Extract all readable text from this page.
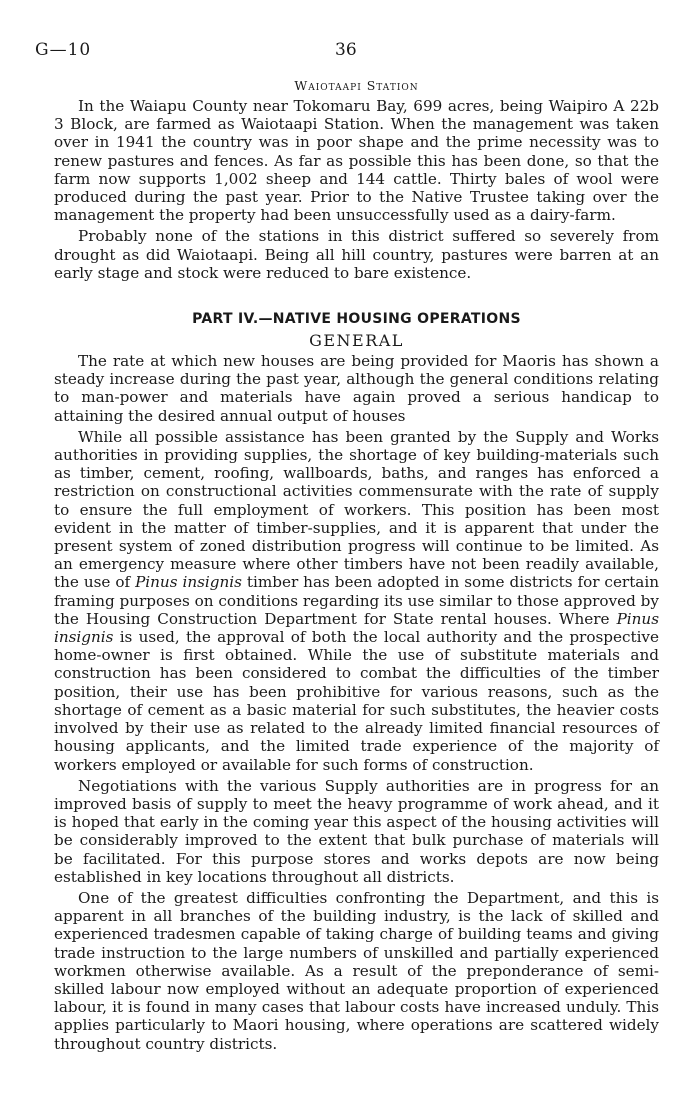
G—10	36
Waiotaapi Station

In the Waiapu County near Tokomaru Bay, 699 acres, being Waipiro A 22b 3 Block, are farmed as Waiotaapi Station. When the management was taken over in 1941 the country was in poor shape and the prime necessity was to renew pastures and fences. As far as possible this has been done, so that the farm now supports 1,002 sheep and 144 cattle. Thirty bales of wool were produced during the past year. Prior to the Native Trustee taking over the management the property had been unsuccessfully used as a dairy-farm.

Probably none of the stations in this district suffered so severely from drought as did Waiotaapi. Being all hill country, pastures were barren at an early stage and stock were reduced to bare existence.

PART IV.—NATIVE HOUSING OPERATIONS
GENERAL

The rate at which new houses are being provided for Maoris has shown a steady increase during the past year, although the general conditions relating to man-power and materials have again proved a serious handicap to attaining the desired annual output of houses

While all possible assistance has been granted by the Supply and Works authorities in providing supplies, the shortage of key building-materials such as timber, cement, roofing, wallboards, baths, and ranges has enforced a restriction on constructional activities commensurate with the rate of supply to ensure the full employment of workers. This position has been most evident in the matter of timber-supplies, and it is apparent that under the present system of zoned distribution progress will continue to be limited. As an emergency measure where other timbers have not been readily available, the use of Pinus insignis timber has been adopted in some districts for certain framing purposes on conditions regarding its use similar to those approved by the Housing Construction Department for State rental houses. Where Pinus insignis is used, the approval of both the local authority and the prospective home-owner is first obtained. While the use of substitute materials and construction has been considered to combat the difficulties of the timber position, their use has been prohibitive for various reasons, such as the shortage of cement as a basic material for such substitutes, the heavier costs involved by their use as related to the already limited financial resources of housing applicants, and the limited trade experience of the majority of workers employed or available for such forms of construction.

Negotiations with the various Supply authorities are in progress for an improved basis of supply to meet the heavy programme of work ahead, and it is hoped that early in the coming year this aspect of the housing activities will be considerably improved to the extent that bulk purchase of materials will be facilitated. For this purpose stores and works depots are now being established in key locations throughout all districts.

One of the greatest difficulties confronting the Department, and this is apparent in all branches of the building industry, is the lack of skilled and experienced tradesmen capable of taking charge of building teams and giving trade instruction to the large numbers of unskilled and partially experienced workmen otherwise available. As a result of the preponderance of semi-skilled labour now employed without an adequate proportion of experienced labour, it is found in many cases that labour costs have increased unduly. This applies particularly to Maori housing, where operations are scattered widely throughout country districts.
